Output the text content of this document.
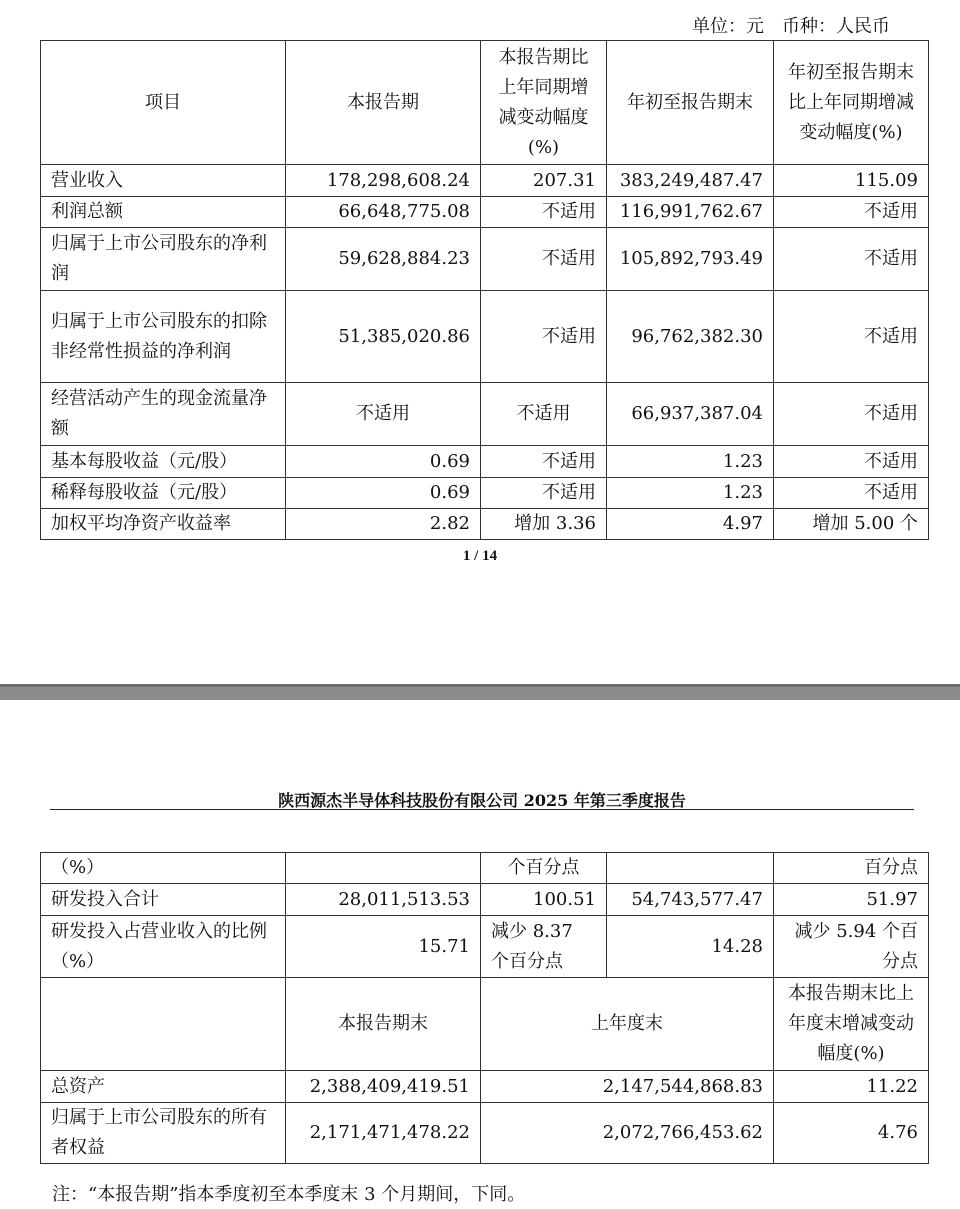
单位：元　币种：人民币
项目	本报告期	本报告期比上年同期增减变动幅度(%)	年初至报告期末	年初至报告期末比上年同期增减变动幅度(%)
营业收入	178,298,608.24	207.31	383,249,487.47	115.09
利润总额	66,648,775.08	不适用	116,991,762.67	不适用
归属于上市公司股东的净利润	59,628,884.23	不适用	105,892,793.49	不适用
归属于上市公司股东的扣除非经常性损益的净利润	51,385,020.86	不适用	96,762,382.30	不适用
经营活动产生的现金流量净额	不适用	不适用	66,937,387.04	不适用
基本每股收益（元/股）	0.69	不适用	1.23	不适用
稀释每股收益（元/股）	0.69	不适用	1.23	不适用
加权平均净资产收益率	2.82	增加 3.36	4.97	增加 5.00 个
1 / 14
陕西源杰半导体科技股份有限公司 2025 年第三季度报告
（%）		个百分点		百分点
研发投入合计	28,011,513.53	100.51	54,743,577.47	51.97
研发投入占营业收入的比例（%）	15.71	减少 8.37 个百分点	14.28	减少 5.94 个百分点
	本报告期末	上年度末		本报告期末比上年度末增减变动幅度(%)
总资产	2,388,409,419.51	2,147,544,868.83		11.22
归属于上市公司股东的所有者权益	2,171,471,478.22	2,072,766,453.62		4.76
注：“本报告期”指本季度初至本季度末 3 个月期间，下同。
